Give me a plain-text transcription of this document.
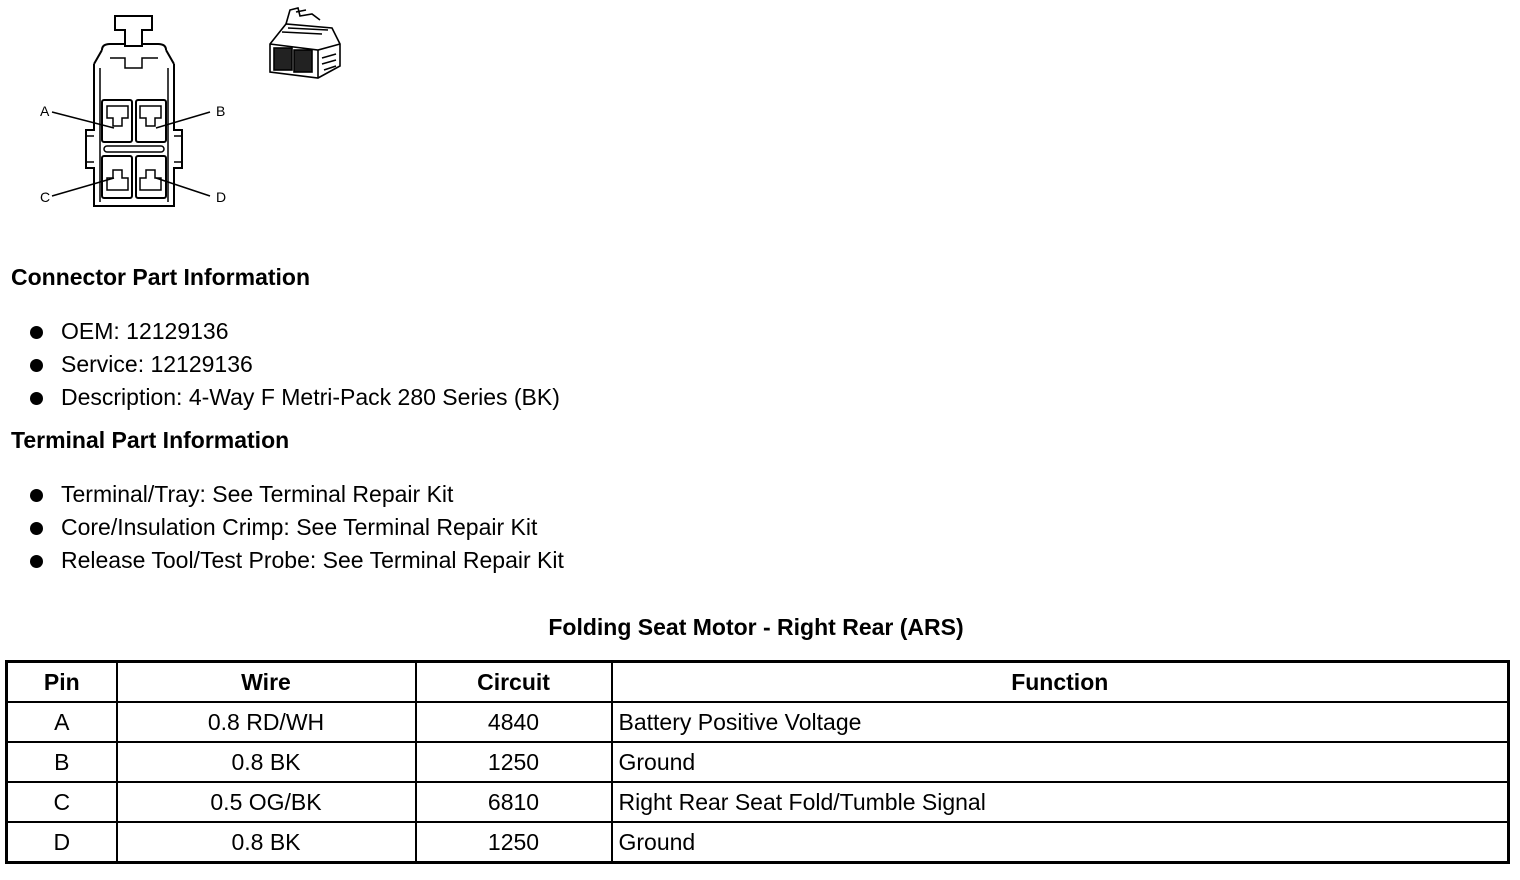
A	B
C	D
Connector Part Information
OEM: 12129136
Service: 12129136
Description: 4-Way F Metri-Pack 280 Series (BK)
Terminal Part Information
Terminal/Tray: See Terminal Repair Kit
Core/Insulation Crimp: See Terminal Repair Kit
Release Tool/Test Probe: See Terminal Repair Kit
Folding Seat Motor - Right Rear (ARS)
Pin	Wire	Circuit	Function
A	0.8 RD/WH	4840	Battery Positive Voltage
B	0.8 BK	1250	Ground
C	0.5 OG/BK	6810	Right Rear Seat Fold/Tumble Signal
D	0.8 BK	1250	Ground
